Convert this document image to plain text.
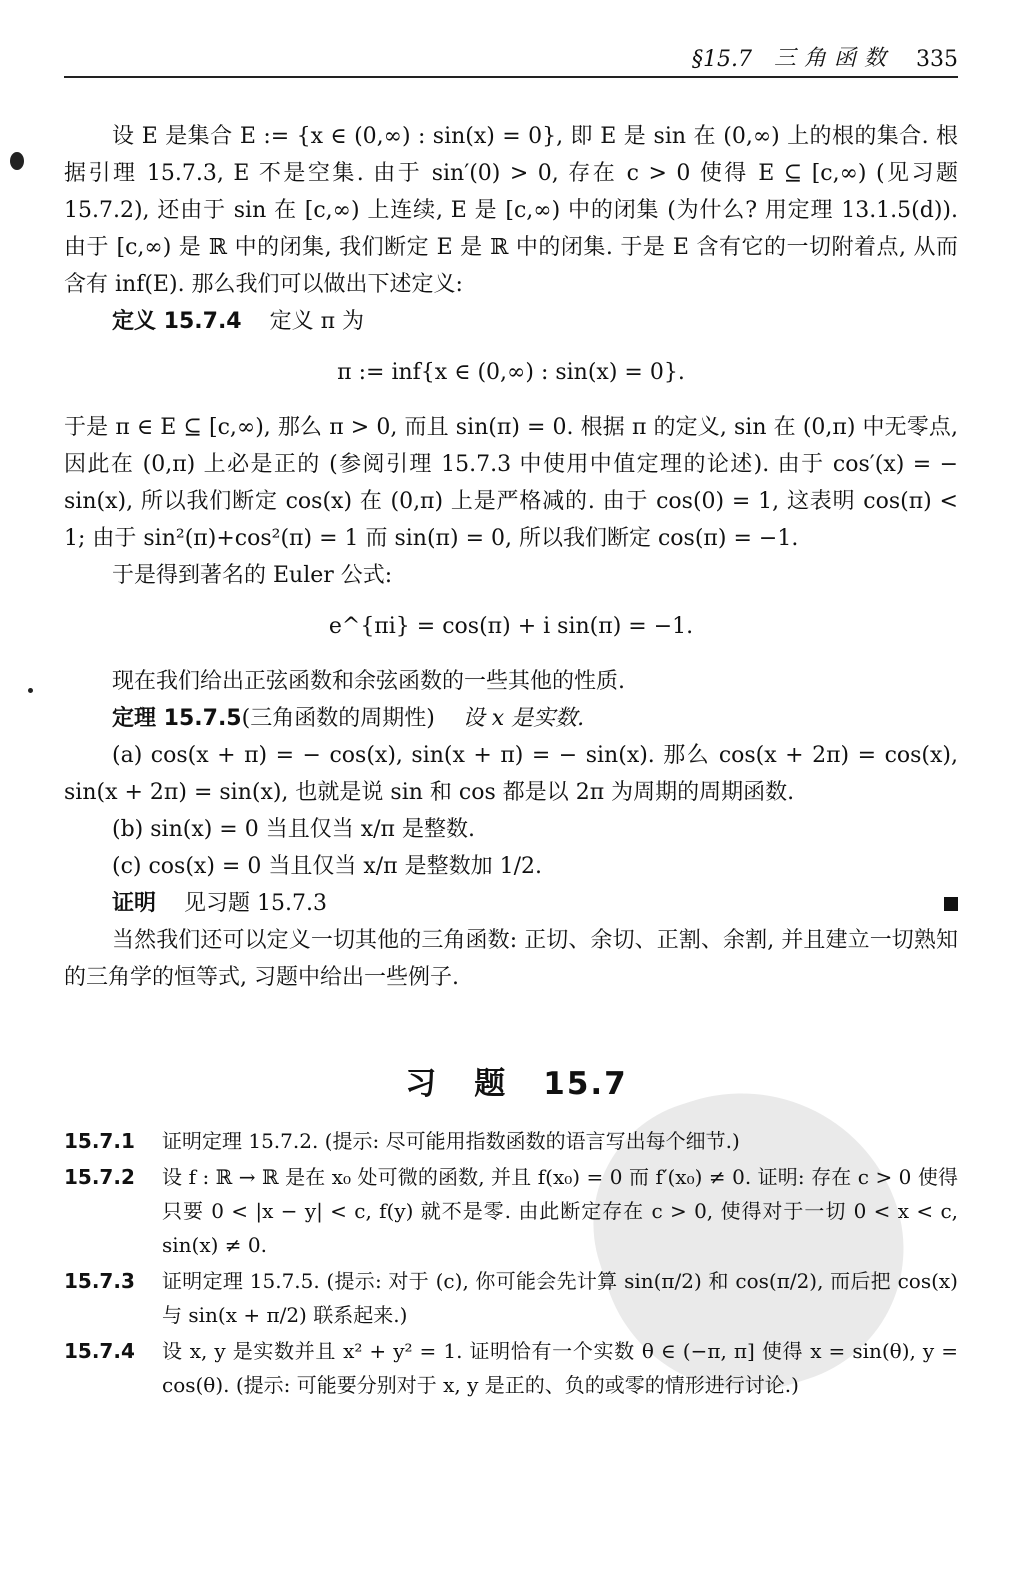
§15.7 三角函数 335

设 E 是集合 E := {x ∈ (0,∞) : sin(x) = 0}, 即 E 是 sin 在 (0,∞) 上的根的集合. 根据引理 15.7.3, E 不是空集. 由于 sin′(0) > 0, 存在 c > 0 使得 E ⊆ [c,∞) (见习题 15.7.2), 还由于 sin 在 [c,∞) 上连续, E 是 [c,∞) 中的闭集 (为什么? 用定理 13.1.5(d)). 由于 [c,∞) 是 ℝ 中的闭集, 我们断定 E 是 ℝ 中的闭集. 于是 E 含有它的一切附着点, 从而含有 inf(E). 那么我们可以做出下述定义:

定义 15.7.4 定义 π 为

π := inf{x ∈ (0,∞) : sin(x) = 0}.

于是 π ∈ E ⊆ [c,∞), 那么 π > 0, 而且 sin(π) = 0. 根据 π 的定义, sin 在 (0,π) 中无零点, 因此在 (0,π) 上必是正的 (参阅引理 15.7.3 中使用中值定理的论述). 由于 cos′(x) = − sin(x), 所以我们断定 cos(x) 在 (0,π) 上是严格减的. 由于 cos(0) = 1, 这表明 cos(π) < 1; 由于 sin²(π)+cos²(π) = 1 而 sin(π) = 0, 所以我们断定 cos(π) = −1.

于是得到著名的 Euler 公式:

e^{πi} = cos(π) + i sin(π) = −1.

现在我们给出正弦函数和余弦函数的一些其他的性质.

定理 15.7.5(三角函数的周期性) 设 x 是实数.

(a) cos(x + π) = − cos(x), sin(x + π) = − sin(x). 那么 cos(x + 2π) = cos(x), sin(x + 2π) = sin(x), 也就是说 sin 和 cos 都是以 2π 为周期的周期函数.

(b) sin(x) = 0 当且仅当 x/π 是整数.

(c) cos(x) = 0 当且仅当 x/π 是整数加 1/2.

证明
见习题 15.7.3

当然我们还可以定义一切其他的三角函数: 正切、余切、正割、余割, 并且建立一切熟知的三角学的恒等式, 习题中给出一些例子.

习 题 15.7
15.7.1	证明定理 15.7.2. (提示: 尽可能用指数函数的语言写出每个细节.)
15.7.2	设 f : ℝ → ℝ 是在 x₀ 处可微的函数, 并且 f(x₀) = 0 而 f′(x₀) ≠ 0. 证明: 存在 c > 0 使得只要 0 < |x − y| < c, f(y) 就不是零. 由此断定存在 c > 0, 使得对于一切 0 < x < c, sin(x) ≠ 0.
15.7.3	证明定理 15.7.5. (提示: 对于 (c), 你可能会先计算 sin(π/2) 和 cos(π/2), 而后把 cos(x) 与 sin(x + π/2) 联系起来.)
15.7.4	设 x, y 是实数并且 x² + y² = 1. 证明恰有一个实数 θ ∈ (−π, π] 使得 x = sin(θ), y = cos(θ). (提示: 可能要分别对于 x, y 是正的、负的或零的情形进行讨论.)
